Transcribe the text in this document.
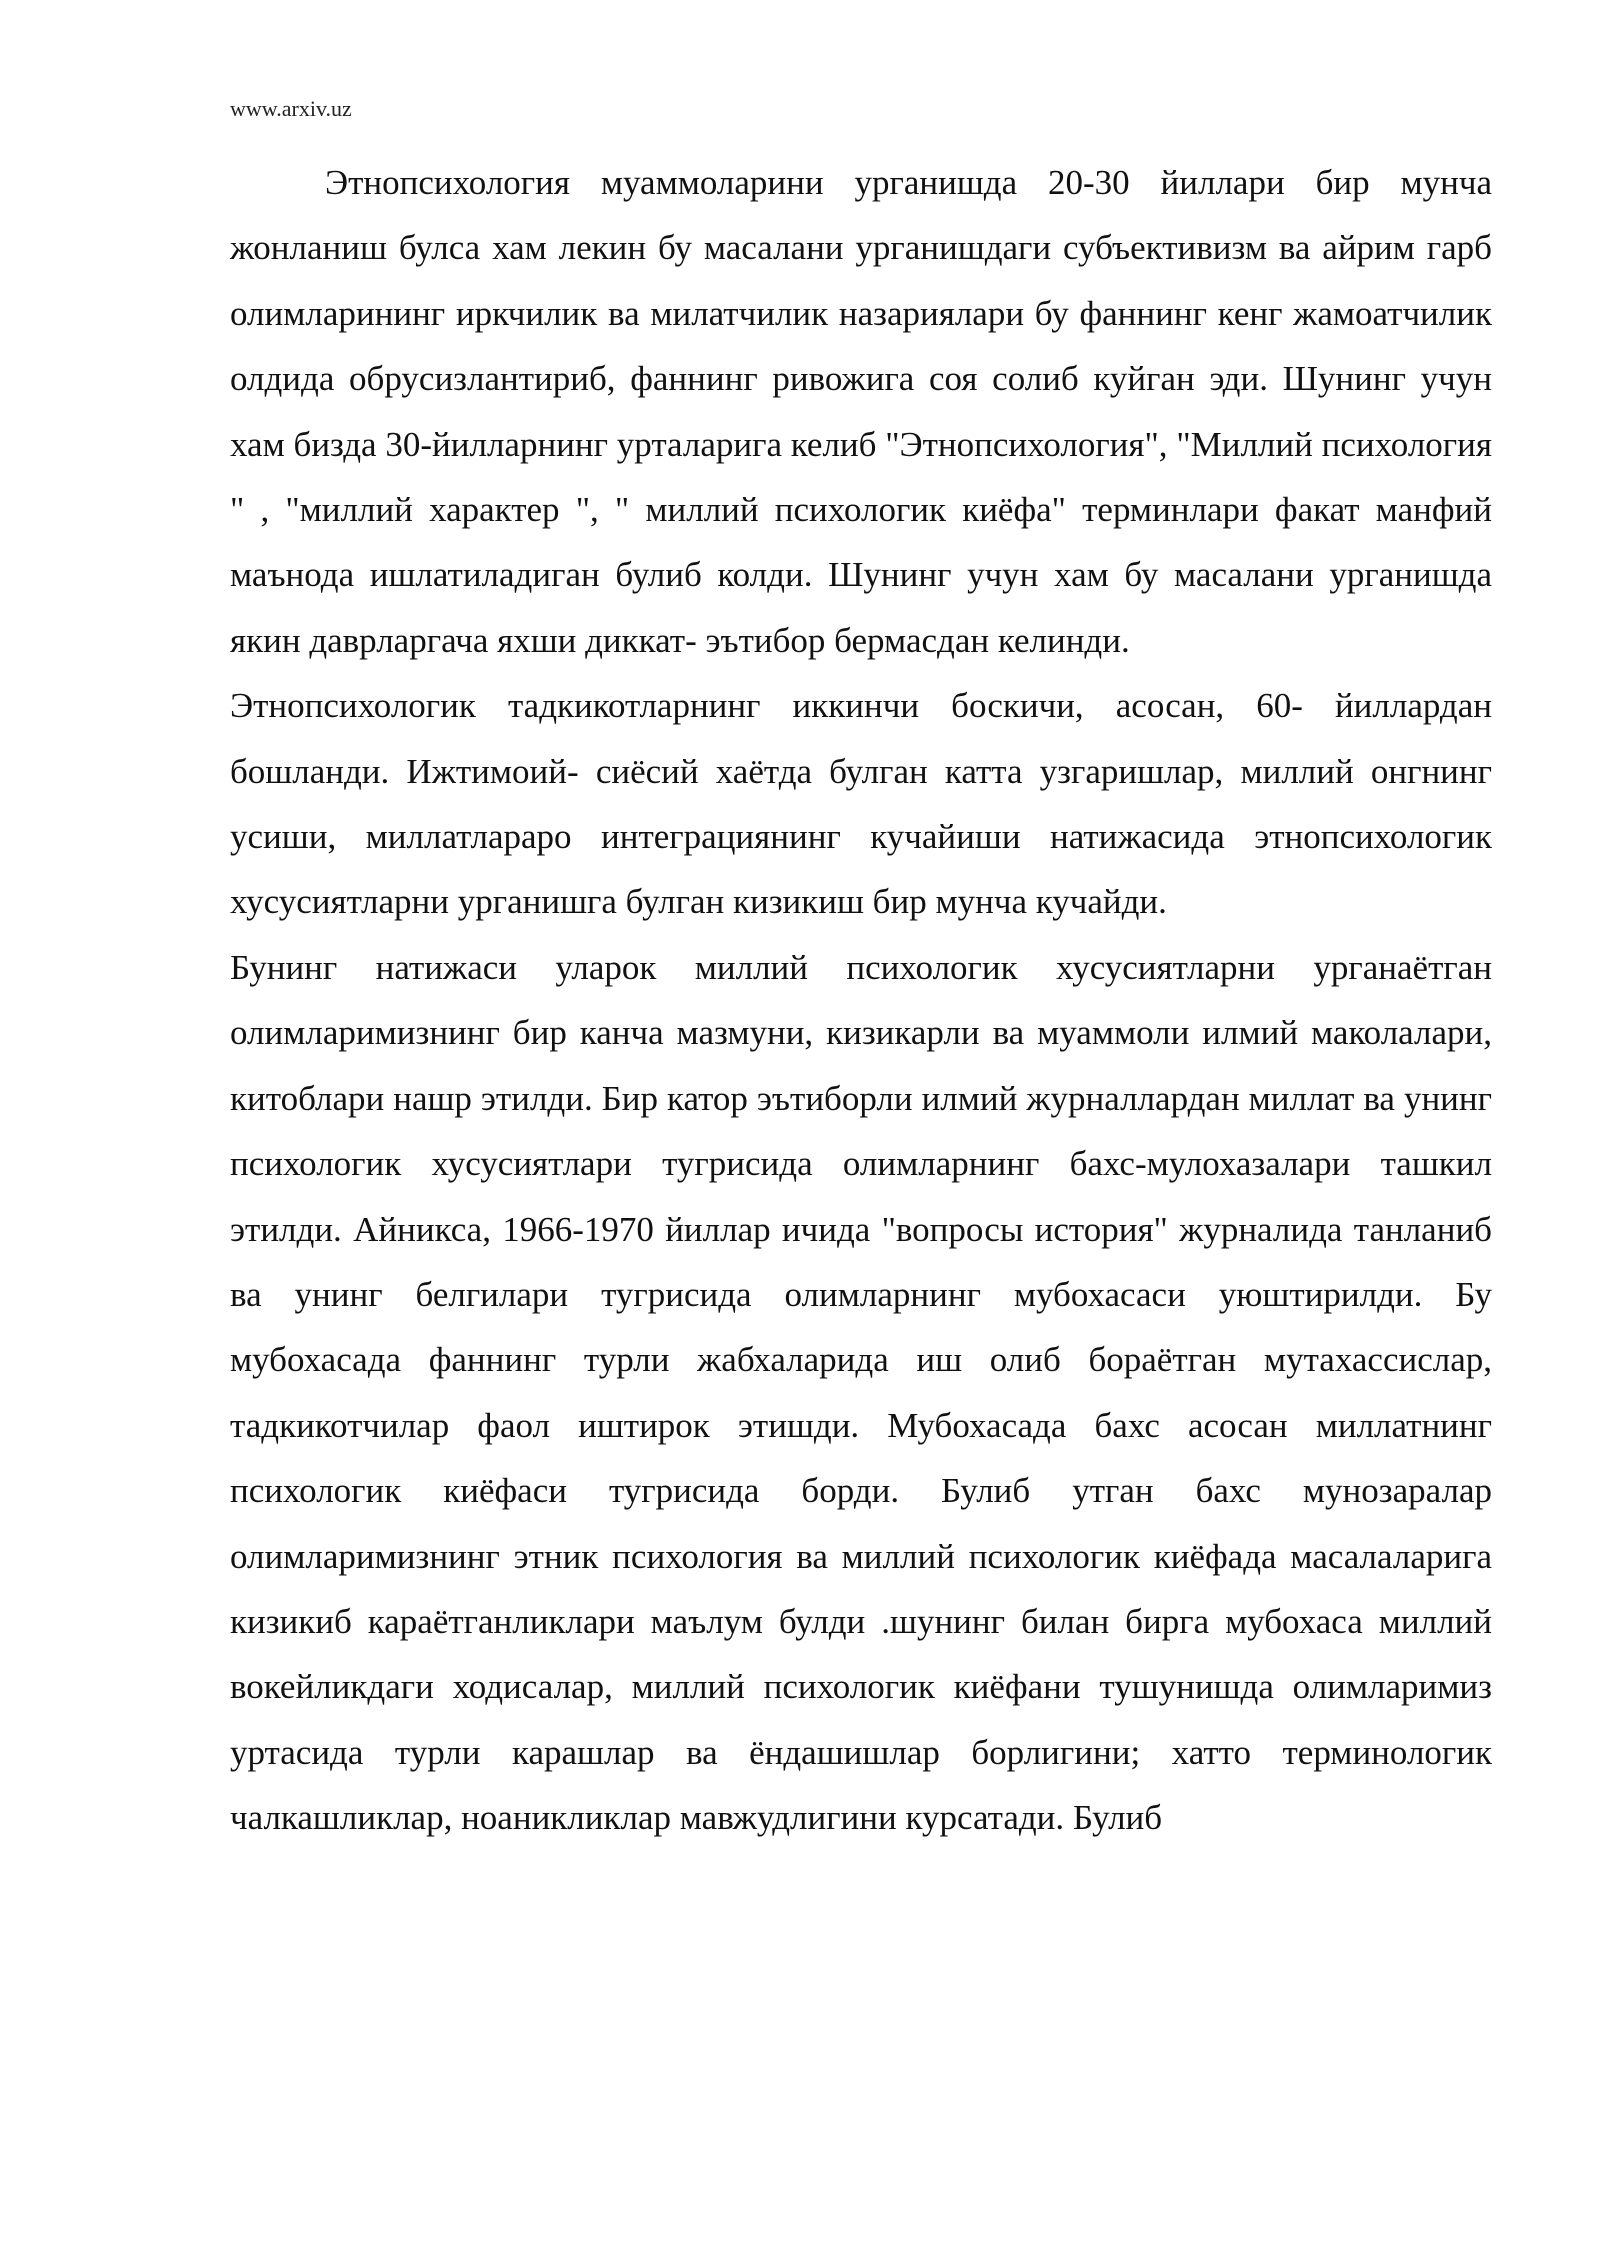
www.arxiv.uz

Этнопсихология муаммоларини урганишда 20-30 йиллари бир мунча жонланиш булса хам лекин бу масалани урганишдаги субъективизм ва айрим гарб олимларининг иркчилик ва милатчилик назариялари бу фаннинг кенг жамоатчилик олдида обрусизлантириб, фаннинг ривожига соя солиб куйган эди. Шунинг учун хам бизда 30-йилларнинг урталарига келиб "Этнопсихология", "Миллий психология " , "миллий характер ", " миллий психологик киёфа" терминлари факат манфий маънода ишлатиладиган булиб колди. Шунинг учун хам бу масалани урганишда якин даврларгача яхши диккат- эътибор бермасдан келинди.

Этнопсихологик тадкикотларнинг иккинчи боскичи, асосан, 60- йиллардан бошланди. Ижтимоий- сиёсий хаётда булган катта узгаришлар, миллий онгнинг усиши, миллатлараро интеграциянинг кучайиши натижасида этнопсихологик хусусиятларни урганишга булган кизикиш бир мунча кучайди.

Бунинг натижаси уларок миллий психологик хусусиятларни урганаётган олимларимизнинг бир канча мазмуни, кизикарли ва муаммоли илмий маколалари, китоблари нашр этилди. Бир катор эътиборли илмий журналлардан миллат ва унинг психологик хусусиятлари тугрисида олимларнинг бахс-мулохазалари ташкил этилди. Айникса, 1966-1970 йиллар ичида "вопросы история" журналида танланиб ва унинг белгилари тугрисида олимларнинг мубохасаси уюштирилди. Бу мубохасада фаннинг турли жабхаларида иш олиб бораётган мутахассислар, тадкикотчилар фаол иштирок этишди. Мубохасада бахс асосан миллатнинг психологик киёфаси тугрисида борди. Булиб утган бахс мунозаралар олимларимизнинг этник психология ва миллий психологик киёфада масалаларига кизикиб караётганликлари маълум булди .шунинг билан бирга мубохаса миллий вокейликдаги ходисалар, миллий психологик киёфани тушунишда олимларимиз уртасида турли карашлар ва ёндашишлар борлигини; хатто терминологик чалкашликлар, ноаникликлар мавжудлигини курсатади. Булиб
